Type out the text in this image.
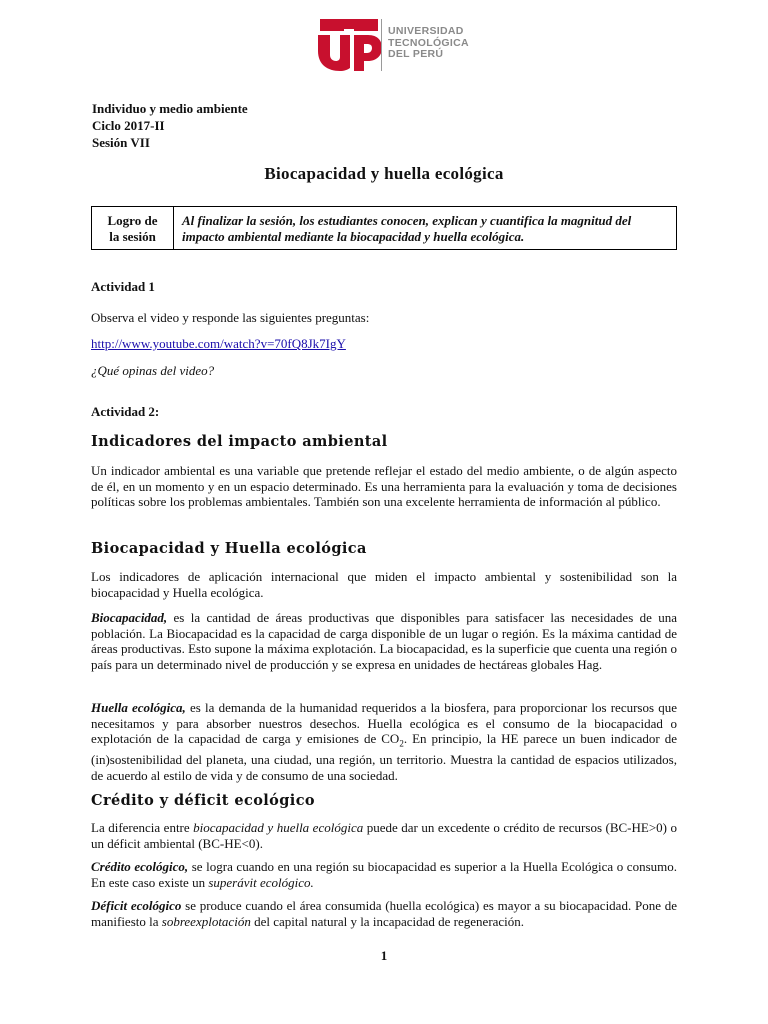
UNIVERSIDAD
TECNOLÓGICA
DEL PERÚ
Individuo y medio ambiente
Ciclo 2017-II
Sesión VII
Biocapacidad y huella ecológica
Logro de
la sesión
Al finalizar la sesión, los estudiantes conocen, explican y cuantifica la magnitud del impacto ambiental mediante la biocapacidad y huella ecológica.
Actividad 1
Observa el video y responde las siguientes preguntas:
http://www.youtube.com/watch?v=70fQ8Jk7IgY
¿Qué opinas del video?
Actividad 2:
Indicadores del impacto ambiental
Un indicador ambiental es una variable que pretende reflejar el estado del medio ambiente, o de algún aspecto de él, en un momento y en un espacio determinado. Es una herramienta para la evaluación y toma de decisiones políticas sobre los problemas ambientales. También son una excelente herramienta de información al público.
Biocapacidad y Huella ecológica
Los indicadores de aplicación internacional que miden el impacto ambiental y sostenibilidad son la biocapacidad y Huella ecológica.
Biocapacidad, es la cantidad de áreas productivas que disponibles para satisfacer las necesidades de una población. La Biocapacidad es la capacidad de carga disponible de un lugar o región. Es la máxima cantidad de áreas productivas. Esto supone la máxima explotación. La biocapacidad, es la superficie que cuenta una región o país para un determinado nivel de producción y se expresa en unidades de hectáreas globales Hag.
Huella ecológica, es la demanda de la humanidad requeridos a la biosfera, para proporcionar los recursos que necesitamos y para absorber nuestros desechos. Huella ecológica es el consumo de la biocapacidad o explotación de la capacidad de carga y emisiones de $CO_2$. En principio, la HE parece un buen indicador de (in)sostenibilidad del planeta, una ciudad, una región, un territorio. Muestra la cantidad de espacios utilizados, de acuerdo al estilo de vida y de consumo de una sociedad.
Crédito y déficit ecológico
La diferencia entre biocapacidad y huella ecológica puede dar un excedente o crédito de recursos (BC-HE>0) o un déficit ambiental (BC-HE<0).
Crédito ecológico, se logra cuando en una región su biocapacidad es superior a la Huella Ecológica o consumo. En este caso existe un superávit ecológico.
Déficit ecológico se produce cuando el área consumida (huella ecológica) es mayor a su biocapacidad. Pone de manifiesto la sobreexplotación del capital natural y la incapacidad de regeneración.
1
